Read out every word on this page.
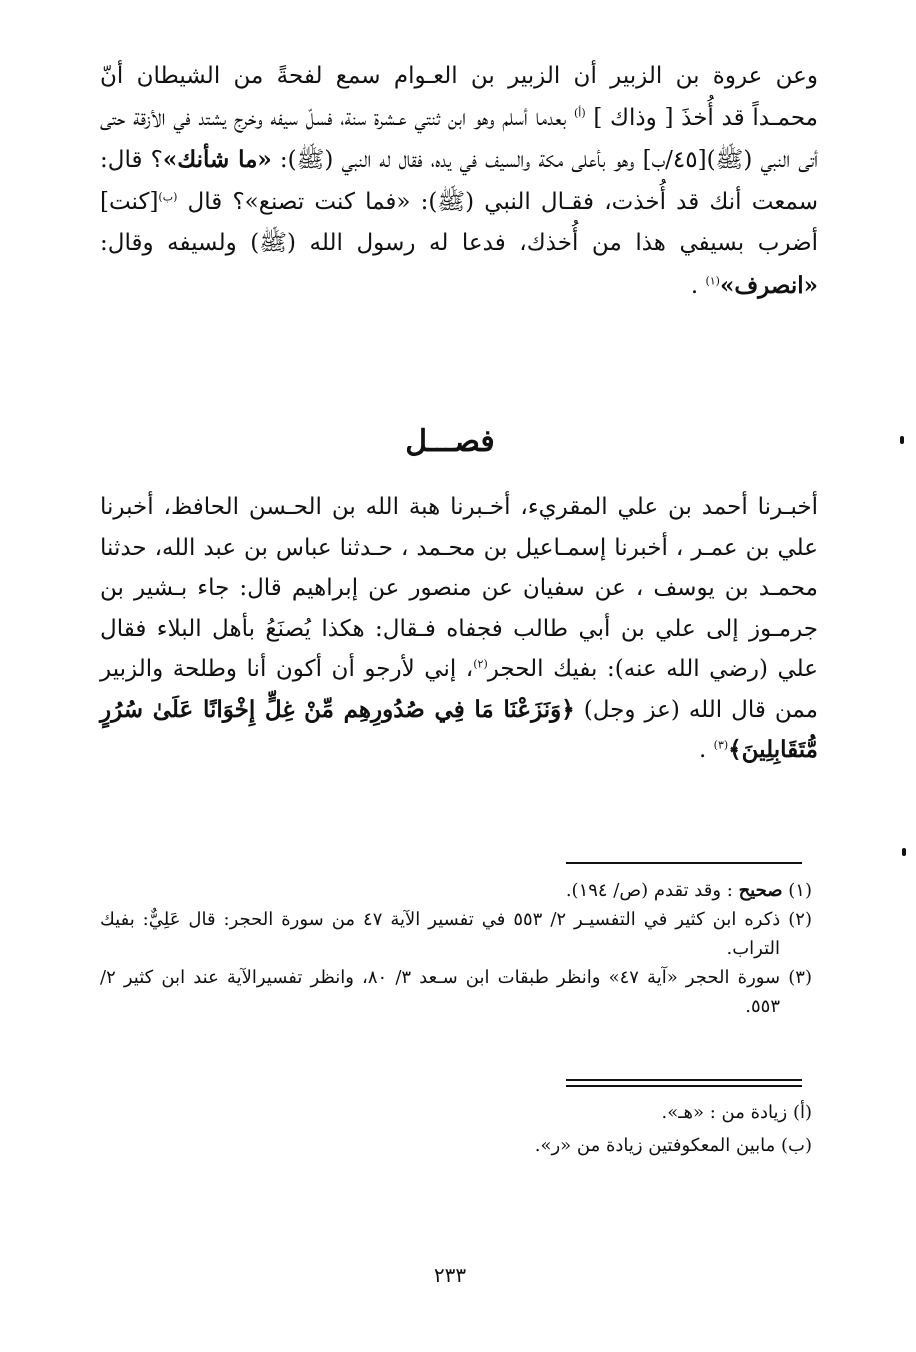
وعن عروة بن الزبير أن الزبير بن العـوام سمع لفحةً من الشيطان أنّ محمـداً قد أُخذَ [ وذاك ] $^{(أ)}$ بعدما أسلم وهو ابن ثنتي عـشرة سنة، فسلّ سيفه وخرج يشتد في الأزقة حتى أتى النبي (ﷺ)[٤٥/ب] وهو بأعلى مكة والسيف في يده، فقال له النبي (ﷺ): «ما شأنك»؟ قال: سمعت أنك قد أُخذت، فقـال النبي (ﷺ): «فما كنت تصنع»؟ قال $^{(ب)}$[كنت] أضرب بسيفي هذا من أُخذك، فدعا له رسول الله (ﷺ) ولسيفه وقال: «انصرف»$^{(١)}$ .
فصـــل
أخبـرنا أحمد بن علي المقريء، أخـبرنا هبة الله بن الحـسن الحافظ، أخبرنا علي بن عمـر ، أخبرنا إسمـاعيل بن محـمد ، حـدثنا عباس بن عبد الله، حدثنا محمـد بن يوسف ، عن سفيان عن منصور عن إبراهيم قال: جاء بـشير بن جرمـوز إلى علي بن أبي طالب فجفاه فـقال: هكذا يُصنَعُ بأهل البلاء فقال علي (رضي الله عنه): بفيك الحجر$^{(٢)}$، إني لأرجو أن أكون أنا وطلحة والزبير ممن قال الله (عز وجل) ﴿وَنَزَعْنَا مَا فِي صُدُورِهِم مِّنْ غِلٍّ إِخْوَانًا عَلَىٰ سُرُرٍ مُّتَقَابِلِينَ﴾$^{(٣)}$ .
(١) صحيح : وقد تقدم (ص/ ١٩٤).
(٢) ذكره ابن كثير في التفسيـر ٢/ ٥٥٣ في تفسير الآية ٤٧ من سورة الحجر: قال عَلِيٌّ: بفيك التراب.
(٣) سورة الحجر «آية ٤٧» وانظر طبقات ابن سـعد ٣/ ٨٠، وانظر تفسيرالآية عند ابن كثير ٢/ ٥٥٣.
(أ) زيادة من : «هـ».
(ب) مابين المعكوفتين زيادة من «ر».
٢٣٣
